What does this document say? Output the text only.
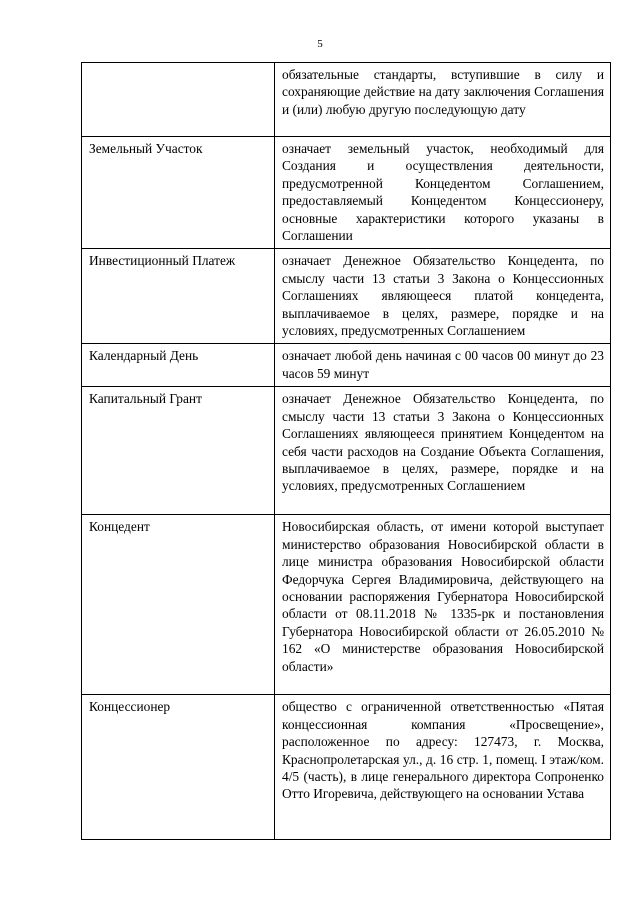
5
	обязательные стандарты, вступившие в силу и сохраняющие действие на дату заключения Соглашения и (или) любую другую последующую дату
Земельный Участок	означает земельный участок, необходимый для Создания и осуществления деятельности, предусмотренной Концедентом Соглашением, предоставляемый Концедентом Концессионеру, основные характеристики которого указаны в Соглашении
Инвестиционный Платеж	означает Денежное Обязательство Концедента, по смыслу части 13 статьи 3 Закона о Концессионных Соглашениях являющееся платой концедента, выплачиваемое в целях, размере, порядке и на условиях, предусмотренных Соглашением
Календарный День	означает любой день начиная с 00 часов 00 минут до 23 часов 59 минут
Капитальный Грант	означает Денежное Обязательство Концедента, по смыслу части 13 статьи 3 Закона о Концессионных Соглашениях являющееся принятием Концедентом на себя части расходов на Создание Объекта Соглашения, выплачиваемое в целях, размере, порядке и на условиях, предусмотренных Соглашением
Концедент	Новосибирская область, от имени которой выступает министерство образования Новосибирской области в лице министра образования Новосибирской области Федорчука Сергея Владимировича, действующего на основании распоряжения Губернатора Новосибирской области от 08.11.2018 № 1335-рк и постановления Губернатора Новосибирской области от 26.05.2010 № 162 «О министерстве образования Новосибирской области»
Концессионер	общество с ограниченной ответственностью «Пятая концессионная компания «Просвещение», расположенное по адресу: 127473, г. Москва, Краснопролетарская ул., д. 16 стр. 1, помещ. I этаж/ком. 4/5 (часть), в лице генерального директора Сопроненко Отто Игоревича, действующего на основании Устава
